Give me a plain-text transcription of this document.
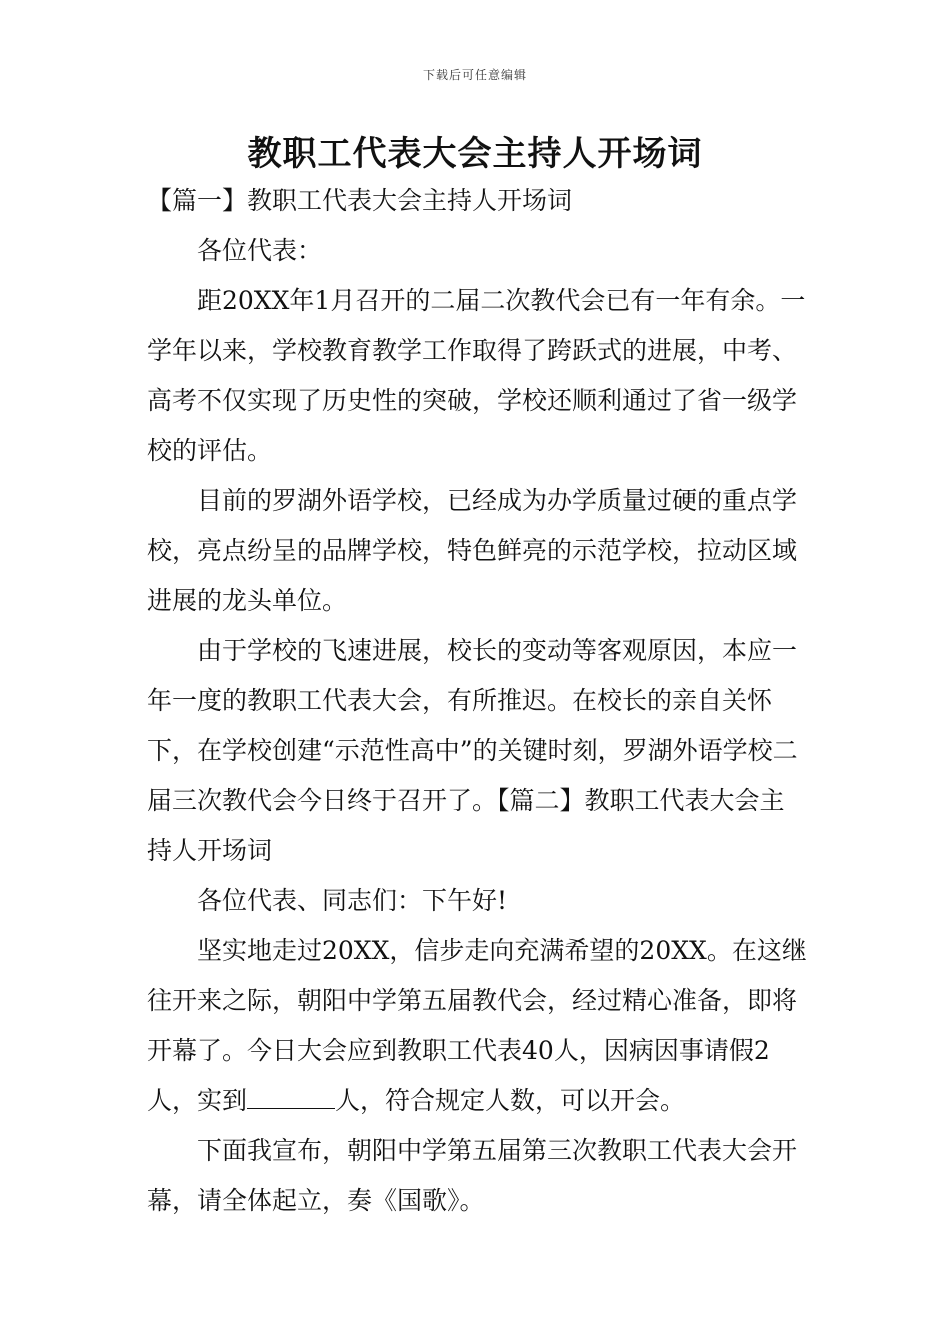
下载后可任意编辑
教职工代表大会主持人开场词

【篇一】教职工代表大会主持人开场词

各位代表：

距20XX年1月召开的二届二次教代会已有一年有余。一学年以来，学校教育教学工作取得了跨跃式的进展，中考、高考不仅实现了历史性的突破，学校还顺利通过了省一级学校的评估。

目前的罗湖外语学校，已经成为办学质量过硬的重点学校，亮点纷呈的品牌学校，特色鲜亮的示范学校，拉动区域进展的龙头单位。

由于学校的飞速进展，校长的变动等客观原因，本应一年一度的教职工代表大会，有所推迟。在校长的亲自关怀下，在学校创建“示范性高中”的关键时刻，罗湖外语学校二届三次教代会今日终于召开了。【篇二】教职工代表大会主持人开场词

各位代表、同志们：下午好!

坚实地走过20XX，信步走向充满希望的20XX。在这继往开来之际，朝阳中学第五届教代会，经过精心准备，即将开幕了。今日大会应到教职工代表40人，因病因事请假2人，实到	人，符合规定人数，可以开会。

下面我宣布，朝阳中学第五届第三次教职工代表大会开幕，请全体起立，奏《国歌》。
